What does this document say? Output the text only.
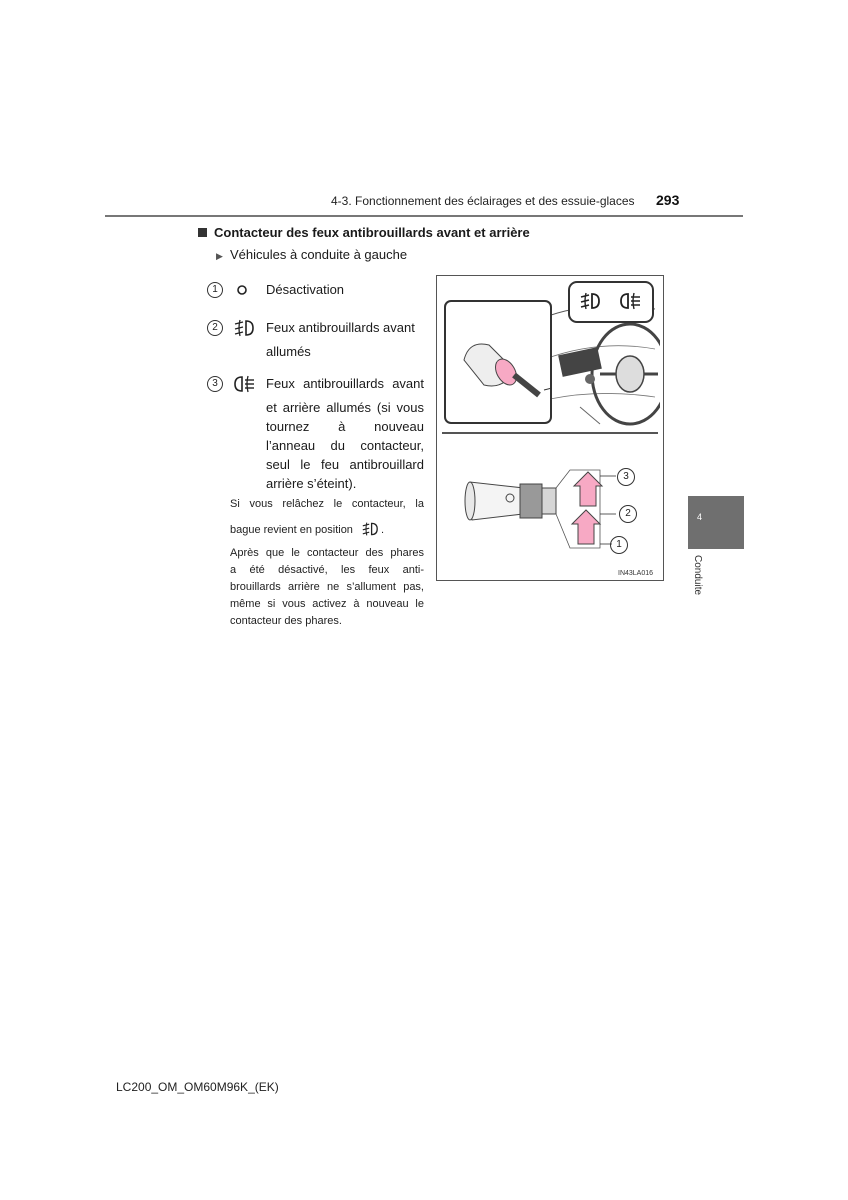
4-3. Fonctionnement des éclairages et des essuie-glaces 293
Contacteur des feux antibrouillards avant et arrière
▶ Véhicules à conduite à gauche
1	Désactivation
2	Feux antibrouillards avant
allumés
3	Feux antibrouillards avant
et arrière allumés (si vous
tournez à nouveau
l’anneau du contacteur,
seul le feu antibrouillard
arrière s’éteint).
Si vous relâchez le contacteur, la
bague revient en position	.
Après que le contacteur des phares
a été désactivé, les feux anti-
brouillards arrière ne s’allument pas,
même si vous activez à nouveau le
contacteur des phares.
3
2
1
IN43LA016
4
Conduite
LC200_OM_OM60M96K_(EK)
